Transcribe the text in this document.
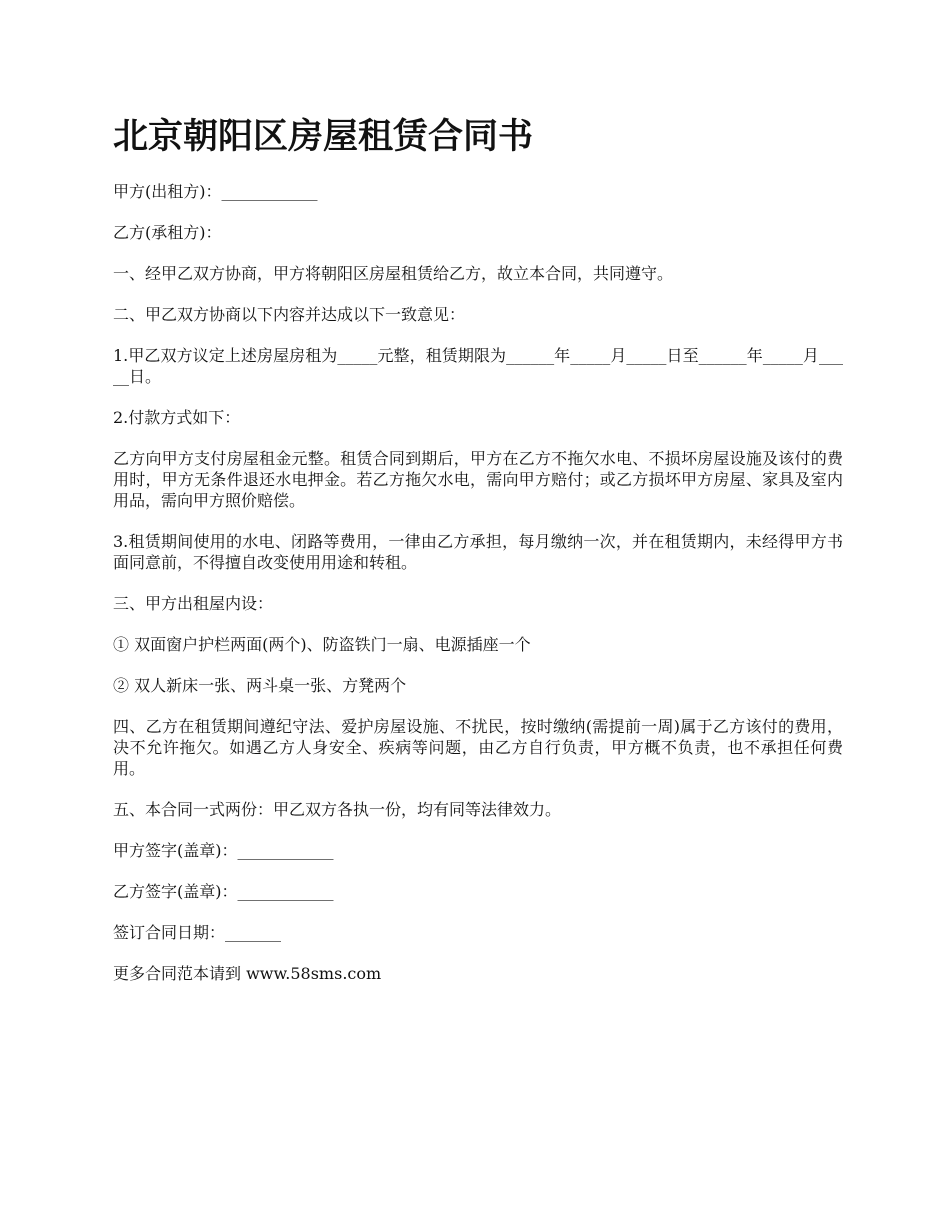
北京朝阳区房屋租赁合同书

甲方(出租方)：____________

乙方(承租方)：

一、经甲乙双方协商，甲方将朝阳区房屋租赁给乙方，故立本合同，共同遵守。

二、甲乙双方协商以下内容并达成以下一致意见：

1.甲乙双方议定上述房屋房租为_____元整，租赁期限为______年_____月_____日至______年_____月_____日。

2.付款方式如下：

乙方向甲方支付房屋租金元整。租赁合同到期后，甲方在乙方不拖欠水电、不损坏房屋设施及该付的费用时，甲方无条件退还水电押金。若乙方拖欠水电，需向甲方赔付；或乙方损坏甲方房屋、家具及室内用品，需向甲方照价赔偿。

3.租赁期间使用的水电、闭路等费用，一律由乙方承担，每月缴纳一次，并在租赁期内，未经得甲方书面同意前，不得擅自改变使用用途和转租。

三、甲方出租屋内设：

① 双面窗户护栏两面(两个)、防盗铁门一扇、电源插座一个

② 双人新床一张、两斗桌一张、方凳两个

四、乙方在租赁期间遵纪守法、爱护房屋设施、不扰民，按时缴纳(需提前一周)属于乙方该付的费用，决不允许拖欠。如遇乙方人身安全、疾病等问题，由乙方自行负责，甲方概不负责，也不承担任何费用。

五、本合同一式两份：甲乙双方各执一份，均有同等法律效力。

甲方签字(盖章)：____________

乙方签字(盖章)：____________

签订合同日期：_______

更多合同范本请到 www.58sms.com
